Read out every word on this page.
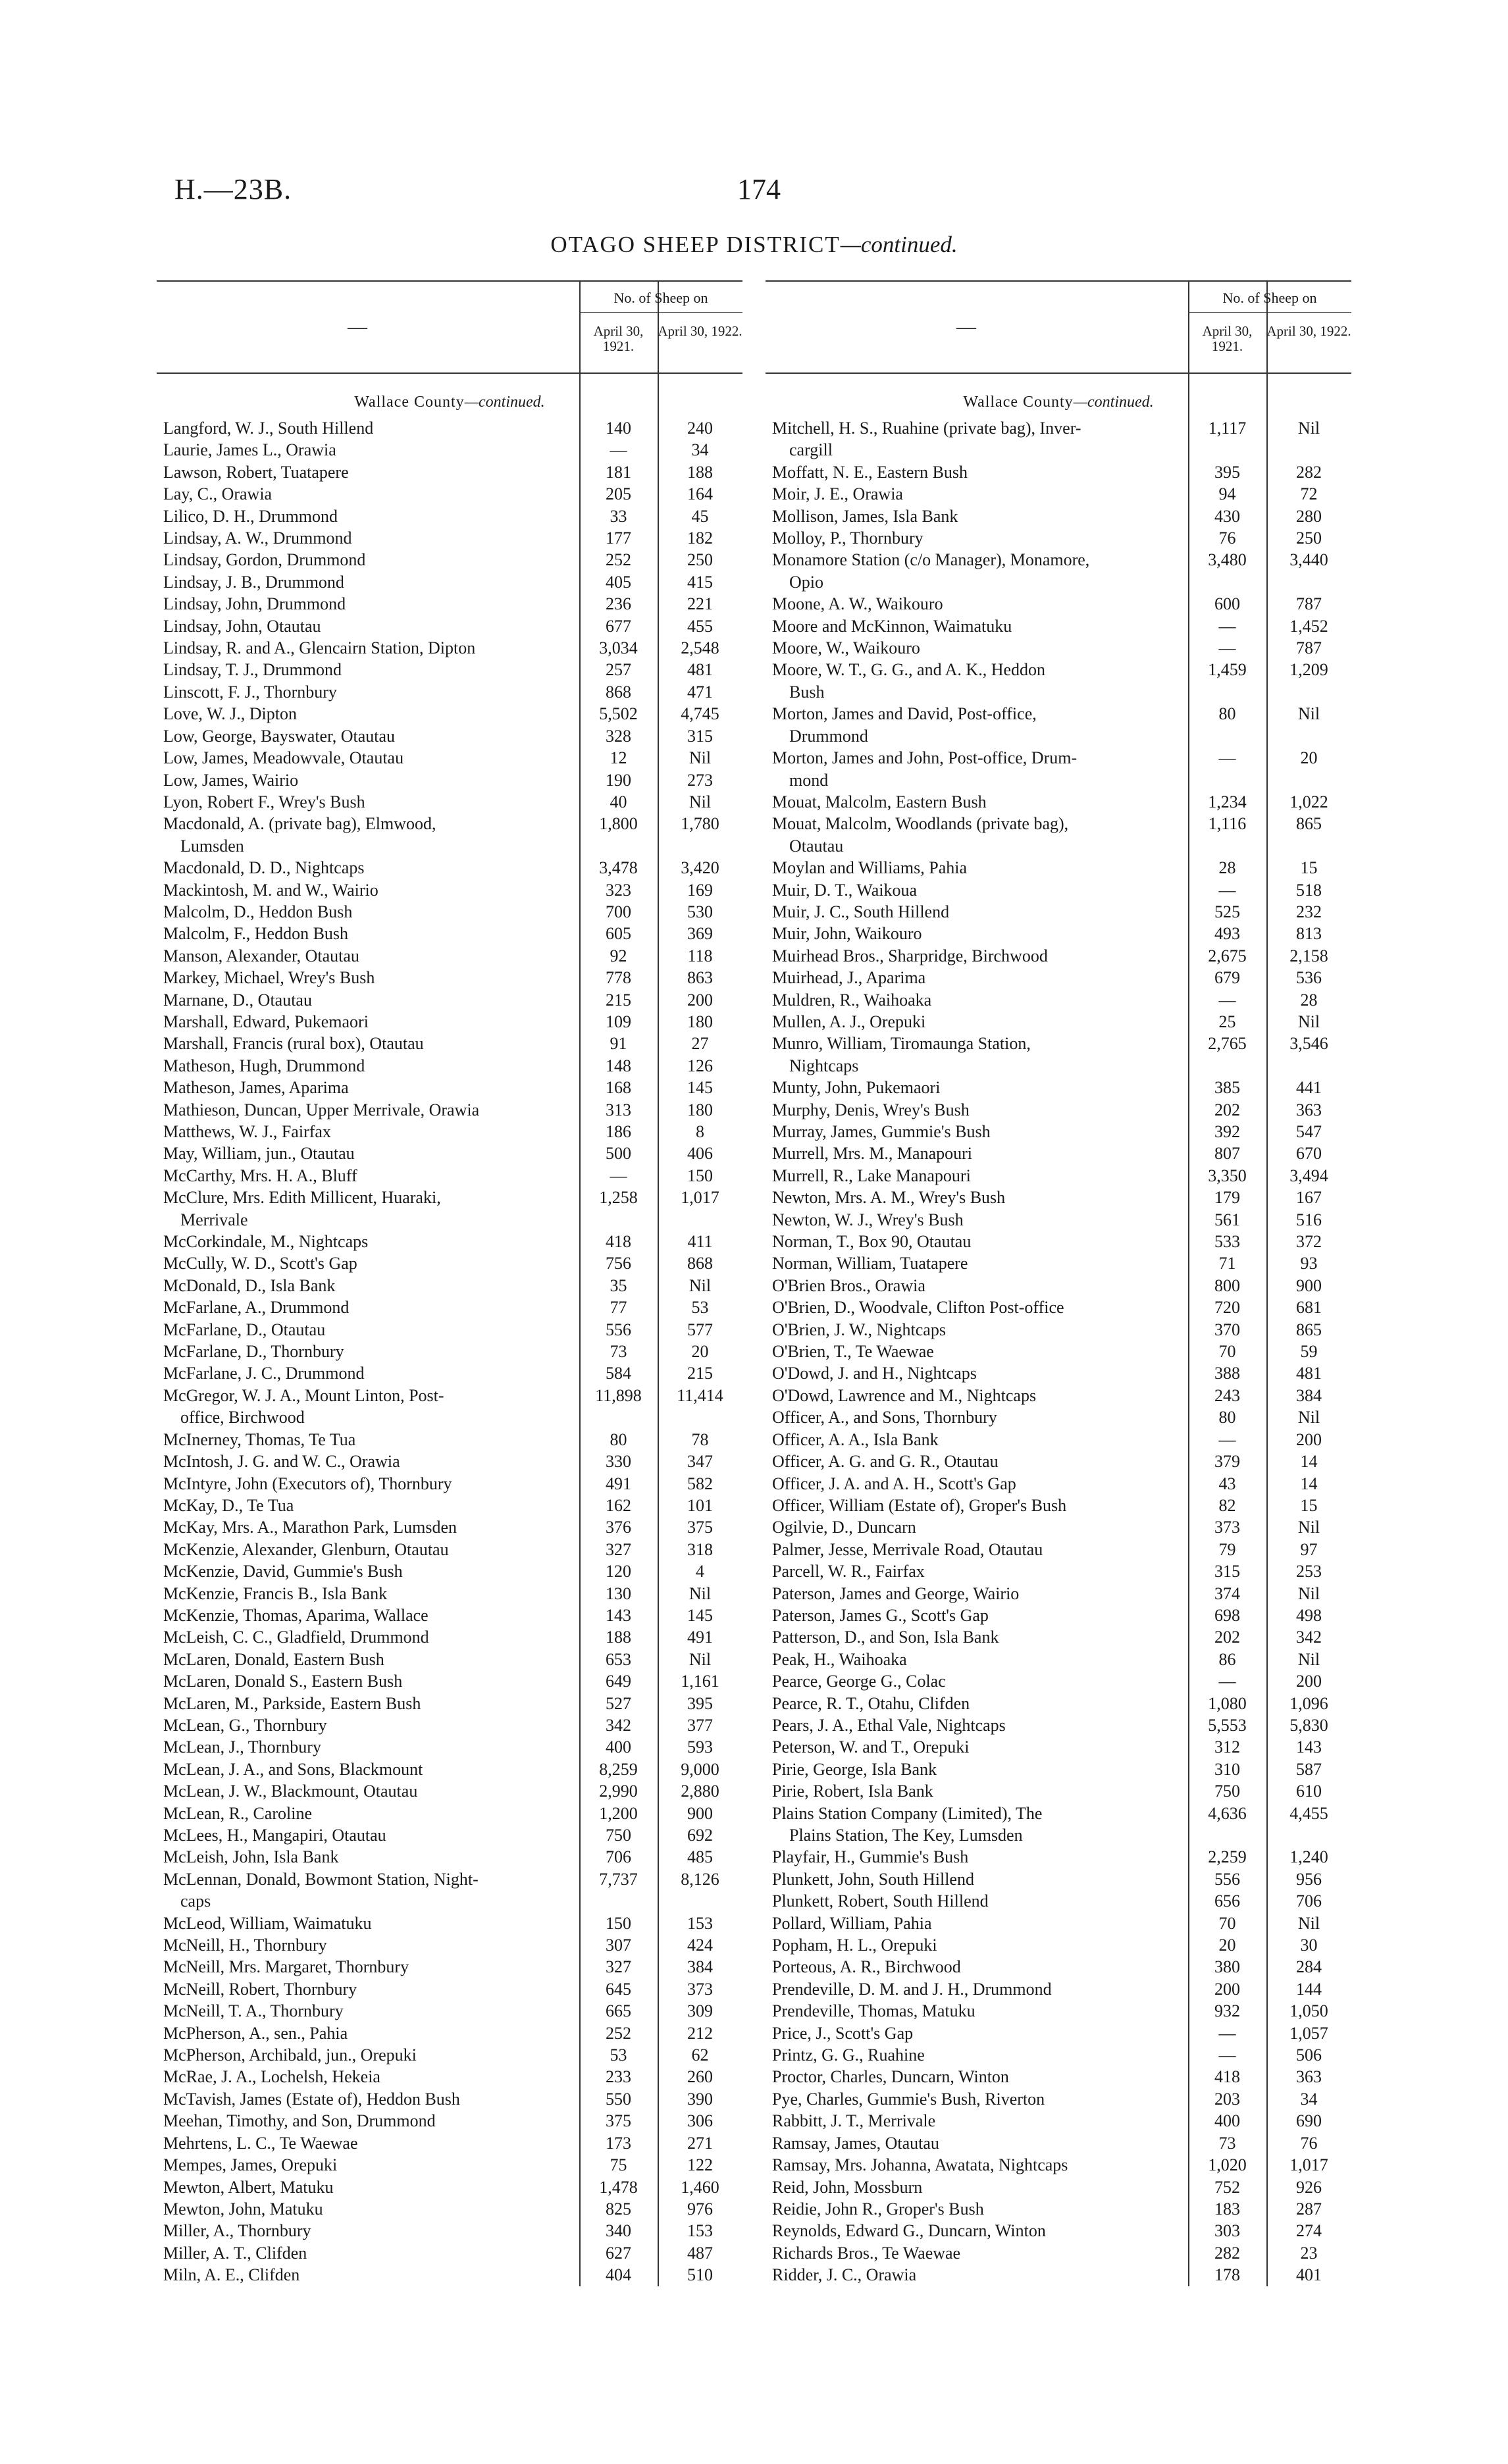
H.—23B.	174
OTAGO SHEEP DISTRICT—continued.
—
No. of Sheep on
April 30, 1921.
April 30, 1922.
Wallace County—continued.
Langford, W. J., South Hillend	140	240
Laurie, James L., Orawia	—	34
Lawson, Robert, Tuatapere	181	188
Lay, C., Orawia	205	164
Lilico, D. H., Drummond	33	45
Lindsay, A. W., Drummond	177	182
Lindsay, Gordon, Drummond	252	250
Lindsay, J. B., Drummond	405	415
Lindsay, John, Drummond	236	221
Lindsay, John, Otautau	677	455
Lindsay, R. and A., Glencairn Station, Dipton	3,034	2,548
Lindsay, T. J., Drummond	257	481
Linscott, F. J., Thornbury	868	471
Love, W. J., Dipton	5,502	4,745
Low, George, Bayswater, Otautau	328	315
Low, James, Meadowvale, Otautau	12	Nil
Low, James, Wairio	190	273
Lyon, Robert F., Wrey's Bush	40	Nil
Macdonald, A. (private bag), Elmwood,
Lumsden
1,800	1,780
Macdonald, D. D., Nightcaps	3,478	3,420
Mackintosh, M. and W., Wairio	323	169
Malcolm, D., Heddon Bush	700	530
Malcolm, F., Heddon Bush	605	369
Manson, Alexander, Otautau	92	118
Markey, Michael, Wrey's Bush	778	863
Marnane, D., Otautau	215	200
Marshall, Edward, Pukemaori	109	180
Marshall, Francis (rural box), Otautau	91	27
Matheson, Hugh, Drummond	148	126
Matheson, James, Aparima	168	145
Mathieson, Duncan, Upper Merrivale, Orawia	313	180
Matthews, W. J., Fairfax	186	8
May, William, jun., Otautau	500	406
McCarthy, Mrs. H. A., Bluff	—	150
McClure, Mrs. Edith Millicent, Huaraki,
Merrivale
1,258	1,017
McCorkindale, M., Nightcaps	418	411
McCully, W. D., Scott's Gap	756	868
McDonald, D., Isla Bank	35	Nil
McFarlane, A., Drummond	77	53
McFarlane, D., Otautau	556	577
McFarlane, D., Thornbury	73	20
McFarlane, J. C., Drummond	584	215
McGregor, W. J. A., Mount Linton, Post-
office, Birchwood
11,898	11,414
McInerney, Thomas, Te Tua	80	78
McIntosh, J. G. and W. C., Orawia	330	347
McIntyre, John (Executors of), Thornbury	491	582
McKay, D., Te Tua	162	101
McKay, Mrs. A., Marathon Park, Lumsden	376	375
McKenzie, Alexander, Glenburn, Otautau	327	318
McKenzie, David, Gummie's Bush	120	4
McKenzie, Francis B., Isla Bank	130	Nil
McKenzie, Thomas, Aparima, Wallace	143	145
McLeish, C. C., Gladfield, Drummond	188	491
McLaren, Donald, Eastern Bush	653	Nil
McLaren, Donald S., Eastern Bush	649	1,161
McLaren, M., Parkside, Eastern Bush	527	395
McLean, G., Thornbury	342	377
McLean, J., Thornbury	400	593
McLean, J. A., and Sons, Blackmount	8,259	9,000
McLean, J. W., Blackmount, Otautau	2,990	2,880
McLean, R., Caroline	1,200	900
McLees, H., Mangapiri, Otautau	750	692
McLeish, John, Isla Bank	706	485
McLennan, Donald, Bowmont Station, Night-
caps
7,737	8,126
McLeod, William, Waimatuku	150	153
McNeill, H., Thornbury	307	424
McNeill, Mrs. Margaret, Thornbury	327	384
McNeill, Robert, Thornbury	645	373
McNeill, T. A., Thornbury	665	309
McPherson, A., sen., Pahia	252	212
McPherson, Archibald, jun., Orepuki	53	62
McRae, J. A., Lochelsh, Hekeia	233	260
McTavish, James (Estate of), Heddon Bush	550	390
Meehan, Timothy, and Son, Drummond	375	306
Mehrtens, L. C., Te Waewae	173	271
Mempes, James, Orepuki	75	122
Mewton, Albert, Matuku	1,478	1,460
Mewton, John, Matuku	825	976
Miller, A., Thornbury	340	153
Miller, A. T., Clifden	627	487
Miln, A. E., Clifden	404	510
—
No. of Sheep on
April 30, 1921.
April 30, 1922.
Wallace County—continued.
Mitchell, H. S., Ruahine (private bag), Inver-
cargill
1,117	Nil
Moffatt, N. E., Eastern Bush	395	282
Moir, J. E., Orawia	94	72
Mollison, James, Isla Bank	430	280
Molloy, P., Thornbury	76	250
Monamore Station (c/o Manager), Monamore,
Opio
3,480	3,440
Moone, A. W., Waikouro	600	787
Moore and McKinnon, Waimatuku	—	1,452
Moore, W., Waikouro	—	787
Moore, W. T., G. G., and A. K., Heddon
Bush
1,459	1,209
Morton, James and David, Post-office,
Drummond
80	Nil
Morton, James and John, Post-office, Drum-
mond
—	20
Mouat, Malcolm, Eastern Bush	1,234	1,022
Mouat, Malcolm, Woodlands (private bag),
Otautau
1,116	865
Moylan and Williams, Pahia	28	15
Muir, D. T., Waikoua	—	518
Muir, J. C., South Hillend	525	232
Muir, John, Waikouro	493	813
Muirhead Bros., Sharpridge, Birchwood	2,675	2,158
Muirhead, J., Aparima	679	536
Muldren, R., Waihoaka	—	28
Mullen, A. J., Orepuki	25	Nil
Munro, William, Tiromaunga Station,
Nightcaps
2,765	3,546
Munty, John, Pukemaori	385	441
Murphy, Denis, Wrey's Bush	202	363
Murray, James, Gummie's Bush	392	547
Murrell, Mrs. M., Manapouri	807	670
Murrell, R., Lake Manapouri	3,350	3,494
Newton, Mrs. A. M., Wrey's Bush	179	167
Newton, W. J., Wrey's Bush	561	516
Norman, T., Box 90, Otautau	533	372
Norman, William, Tuatapere	71	93
O'Brien Bros., Orawia	800	900
O'Brien, D., Woodvale, Clifton Post-office	720	681
O'Brien, J. W., Nightcaps	370	865
O'Brien, T., Te Waewae	70	59
O'Dowd, J. and H., Nightcaps	388	481
O'Dowd, Lawrence and M., Nightcaps	243	384
Officer, A., and Sons, Thornbury	80	Nil
Officer, A. A., Isla Bank	—	200
Officer, A. G. and G. R., Otautau	379	14
Officer, J. A. and A. H., Scott's Gap	43	14
Officer, William (Estate of), Groper's Bush	82	15
Ogilvie, D., Duncarn	373	Nil
Palmer, Jesse, Merrivale Road, Otautau	79	97
Parcell, W. R., Fairfax	315	253
Paterson, James and George, Wairio	374	Nil
Paterson, James G., Scott's Gap	698	498
Patterson, D., and Son, Isla Bank	202	342
Peak, H., Waihoaka	86	Nil
Pearce, George G., Colac	—	200
Pearce, R. T., Otahu, Clifden	1,080	1,096
Pears, J. A., Ethal Vale, Nightcaps	5,553	5,830
Peterson, W. and T., Orepuki	312	143
Pirie, George, Isla Bank	310	587
Pirie, Robert, Isla Bank	750	610
Plains Station Company (Limited), The
Plains Station, The Key, Lumsden
4,636	4,455
Playfair, H., Gummie's Bush	2,259	1,240
Plunkett, John, South Hillend	556	956
Plunkett, Robert, South Hillend	656	706
Pollard, William, Pahia	70	Nil
Popham, H. L., Orepuki	20	30
Porteous, A. R., Birchwood	380	284
Prendeville, D. M. and J. H., Drummond	200	144
Prendeville, Thomas, Matuku	932	1,050
Price, J., Scott's Gap	—	1,057
Printz, G. G., Ruahine	—	506
Proctor, Charles, Duncarn, Winton	418	363
Pye, Charles, Gummie's Bush, Riverton	203	34
Rabbitt, J. T., Merrivale	400	690
Ramsay, James, Otautau	73	76
Ramsay, Mrs. Johanna, Awatata, Nightcaps	1,020	1,017
Reid, John, Mossburn	752	926
Reidie, John R., Groper's Bush	183	287
Reynolds, Edward G., Duncarn, Winton	303	274
Richards Bros., Te Waewae	282	23
Ridder, J. C., Orawia	178	401
